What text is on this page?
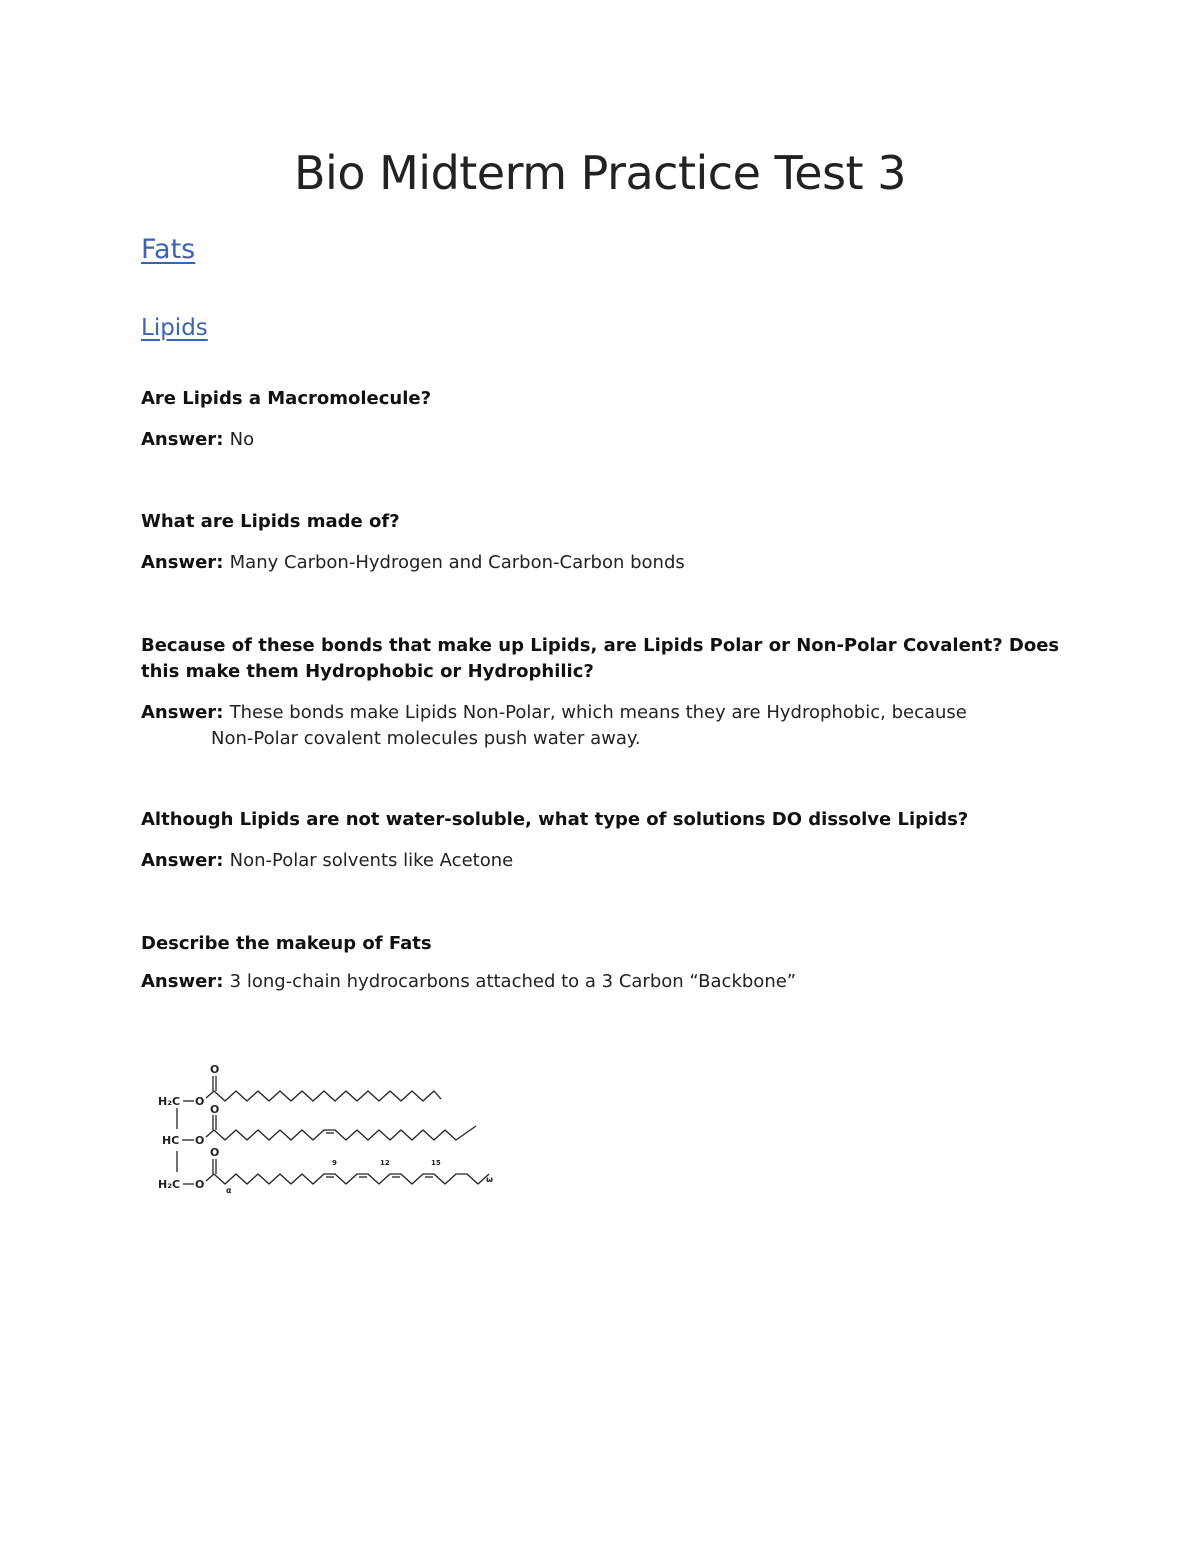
Bio Midterm Practice Test 3
Fats
Lipids
Are Lipids a Macromolecule?
Answer: No
What are Lipids made of?
Answer: Many Carbon-Hydrogen and Carbon-Carbon bonds
Because of these bonds that make up Lipids, are Lipids Polar or Non-Polar Covalent? Does this make them Hydrophobic or Hydrophilic?
Answer: These bonds make Lipids Non-Polar, which means they are Hydrophobic, because
Non-Polar covalent molecules push water away.
Although Lipids are not water-soluble, what type of solutions DO dissolve Lipids?
Answer: Non-Polar solvents like Acetone
Describe the makeup of Fats
Answer: 3 long-chain hydrocarbons attached to a 3 Carbon “Backbone”
H₂C
HC
H₂C
O
O
O
O
O
O
9	12	15
α
ω
